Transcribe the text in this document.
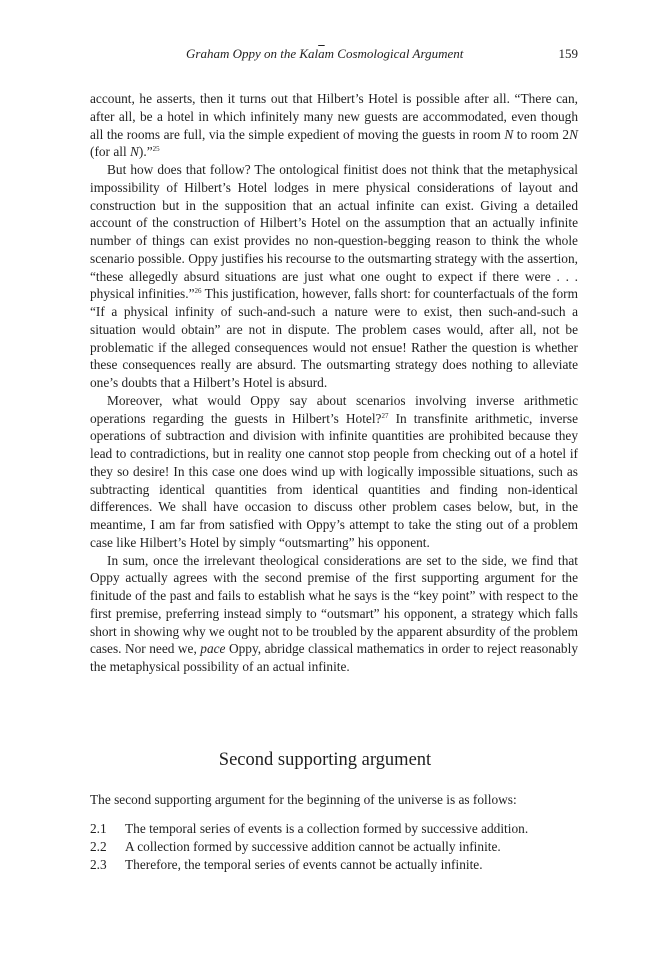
Graham Oppy on the $Kal\overline{a}m$ Cosmological Argument	159

account, he asserts, then it turns out that Hilbert’s Hotel is possible after all. “There can, after all, be a hotel in which infinitely many new guests are accommodated, even though all the rooms are full, via the simple expedient of moving the guests in room N to room 2N (for all N).”$^{25}$

But how does that follow? The ontological finitist does not think that the metaphysical impossibility of Hilbert’s Hotel lodges in mere physical considerations of layout and construction but in the supposition that an actual infinite can exist. Giving a detailed account of the construction of Hilbert’s Hotel on the assumption that an actually infinite number of things can exist provides no non-question-begging reason to think the whole scenario possible. Oppy justifies his recourse to the outsmarting strategy with the assertion, “these allegedly absurd situations are just what one ought to expect if there were . . . physical infinities.”$^{26}$ This justification, however, falls short: for counterfactuals of the form “If a physical infinity of such-and-such a nature were to exist, then such-and-such a situation would obtain” are not in dispute. The problem cases would, after all, not be problematic if the alleged consequences would not ensue! Rather the question is whether these consequences really are absurd. The outsmarting strategy does nothing to alleviate one’s doubts that a Hilbert’s Hotel is absurd.

Moreover, what would Oppy say about scenarios involving inverse arithmetic operations regarding the guests in Hilbert’s Hotel?$^{27}$ In transfinite arithmetic, inverse operations of subtraction and division with infinite quantities are prohibited because they lead to contradictions, but in reality one cannot stop people from checking out of a hotel if they so desire! In this case one does wind up with logically impossible situations, such as subtracting identical quantities from identical quantities and finding non-identical differences. We shall have occasion to discuss other problem cases below, but, in the meantime, I am far from satisfied with Oppy’s attempt to take the sting out of a problem case like Hilbert’s Hotel by simply “outsmarting” his opponent.

In sum, once the irrelevant theological considerations are set to the side, we find that Oppy actually agrees with the second premise of the first supporting argument for the finitude of the past and fails to establish what he says is the “key point” with respect to the first premise, preferring instead simply to “outsmart” his opponent, a strategy which falls short in showing why we ought not to be troubled by the apparent absurdity of the problem cases. Nor need we, pace Oppy, abridge classical mathematics in order to reject reasonably the metaphysical possibility of an actual infinite.

Second supporting argument
The second supporting argument for the beginning of the universe is as follows:
2.1	The temporal series of events is a collection formed by successive addition.
2.2	A collection formed by successive addition cannot be actually infinite.
2.3	Therefore, the temporal series of events cannot be actually infinite.
